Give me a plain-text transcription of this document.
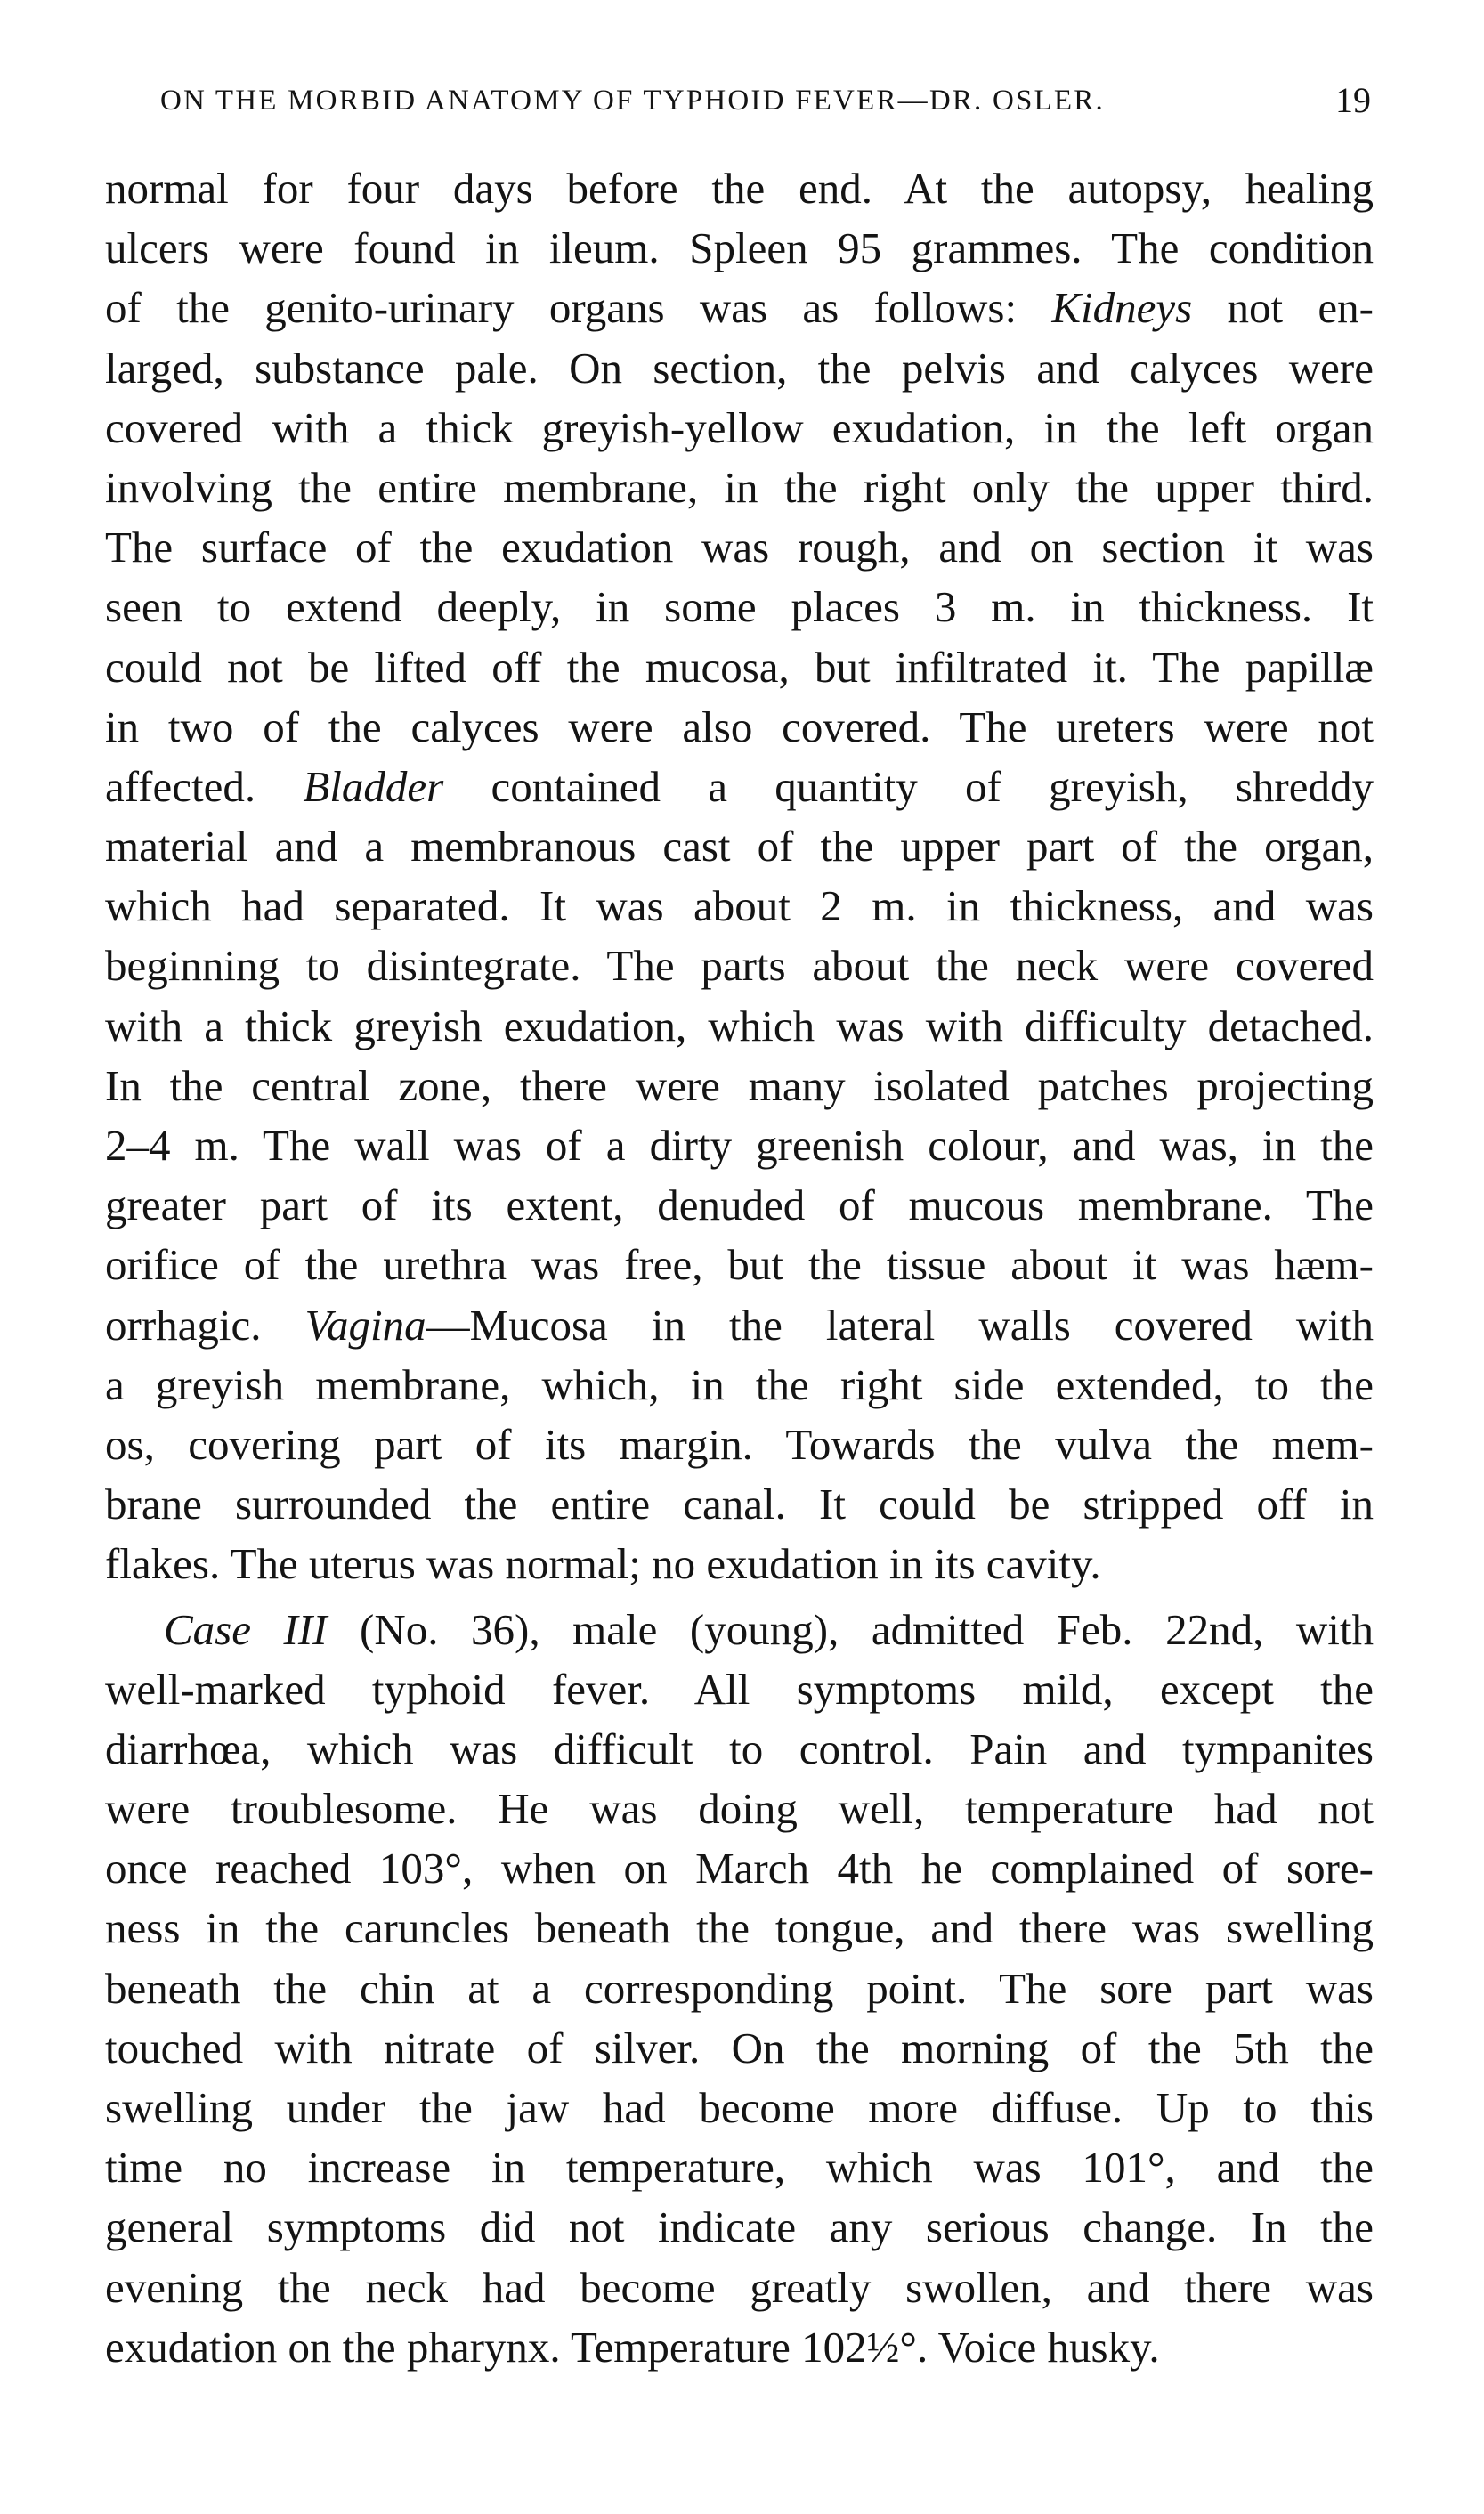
ON THE MORBID ANATOMY OF TYPHOID FEVER—DR. OSLER.	19
normal for four days before the end. At the autopsy, healing
ulcers were found in ileum. Spleen 95 grammes. The condition
of the genito-urinary organs was as follows: Kidneys not en-
larged, substance pale. On section, the pelvis and calyces were
covered with a thick greyish-yellow exudation, in the left organ
involving the entire membrane, in the right only the upper third.
The surface of the exudation was rough, and on section it was
seen to extend deeply, in some places 3 m. in thickness. It
could not be lifted off the mucosa, but infiltrated it. The papillæ
in two of the calyces were also covered. The ureters were not
affected. Bladder contained a quantity of greyish, shreddy
material and a membranous cast of the upper part of the organ,
which had separated. It was about 2 m. in thickness, and was
beginning to disintegrate. The parts about the neck were covered
with a thick greyish exudation, which was with difficulty detached.
In the central zone, there were many isolated patches projecting
2–4 m. The wall was of a dirty greenish colour, and was, in the
greater part of its extent, denuded of mucous membrane. The
orifice of the urethra was free, but the tissue about it was hæm-
orrhagic. Vagina—Mucosa in the lateral walls covered with
a greyish membrane, which, in the right side extended, to the
os, covering part of its margin. Towards the vulva the mem-
brane surrounded the entire canal. It could be stripped off in
flakes. The uterus was normal; no exudation in its cavity.
Case III (No. 36), male (young), admitted Feb. 22nd, with
well-marked typhoid fever. All symptoms mild, except the
diarrhœa, which was difficult to control. Pain and tympanites
were troublesome. He was doing well, temperature had not
once reached 103°, when on March 4th he complained of sore-
ness in the caruncles beneath the tongue, and there was swelling
beneath the chin at a corresponding point. The sore part was
touched with nitrate of silver. On the morning of the 5th the
swelling under the jaw had become more diffuse. Up to this
time no increase in temperature, which was 101°, and the
general symptoms did not indicate any serious change. In the
evening the neck had become greatly swollen, and there was
exudation on the pharynx. Temperature 102½°. Voice husky.
